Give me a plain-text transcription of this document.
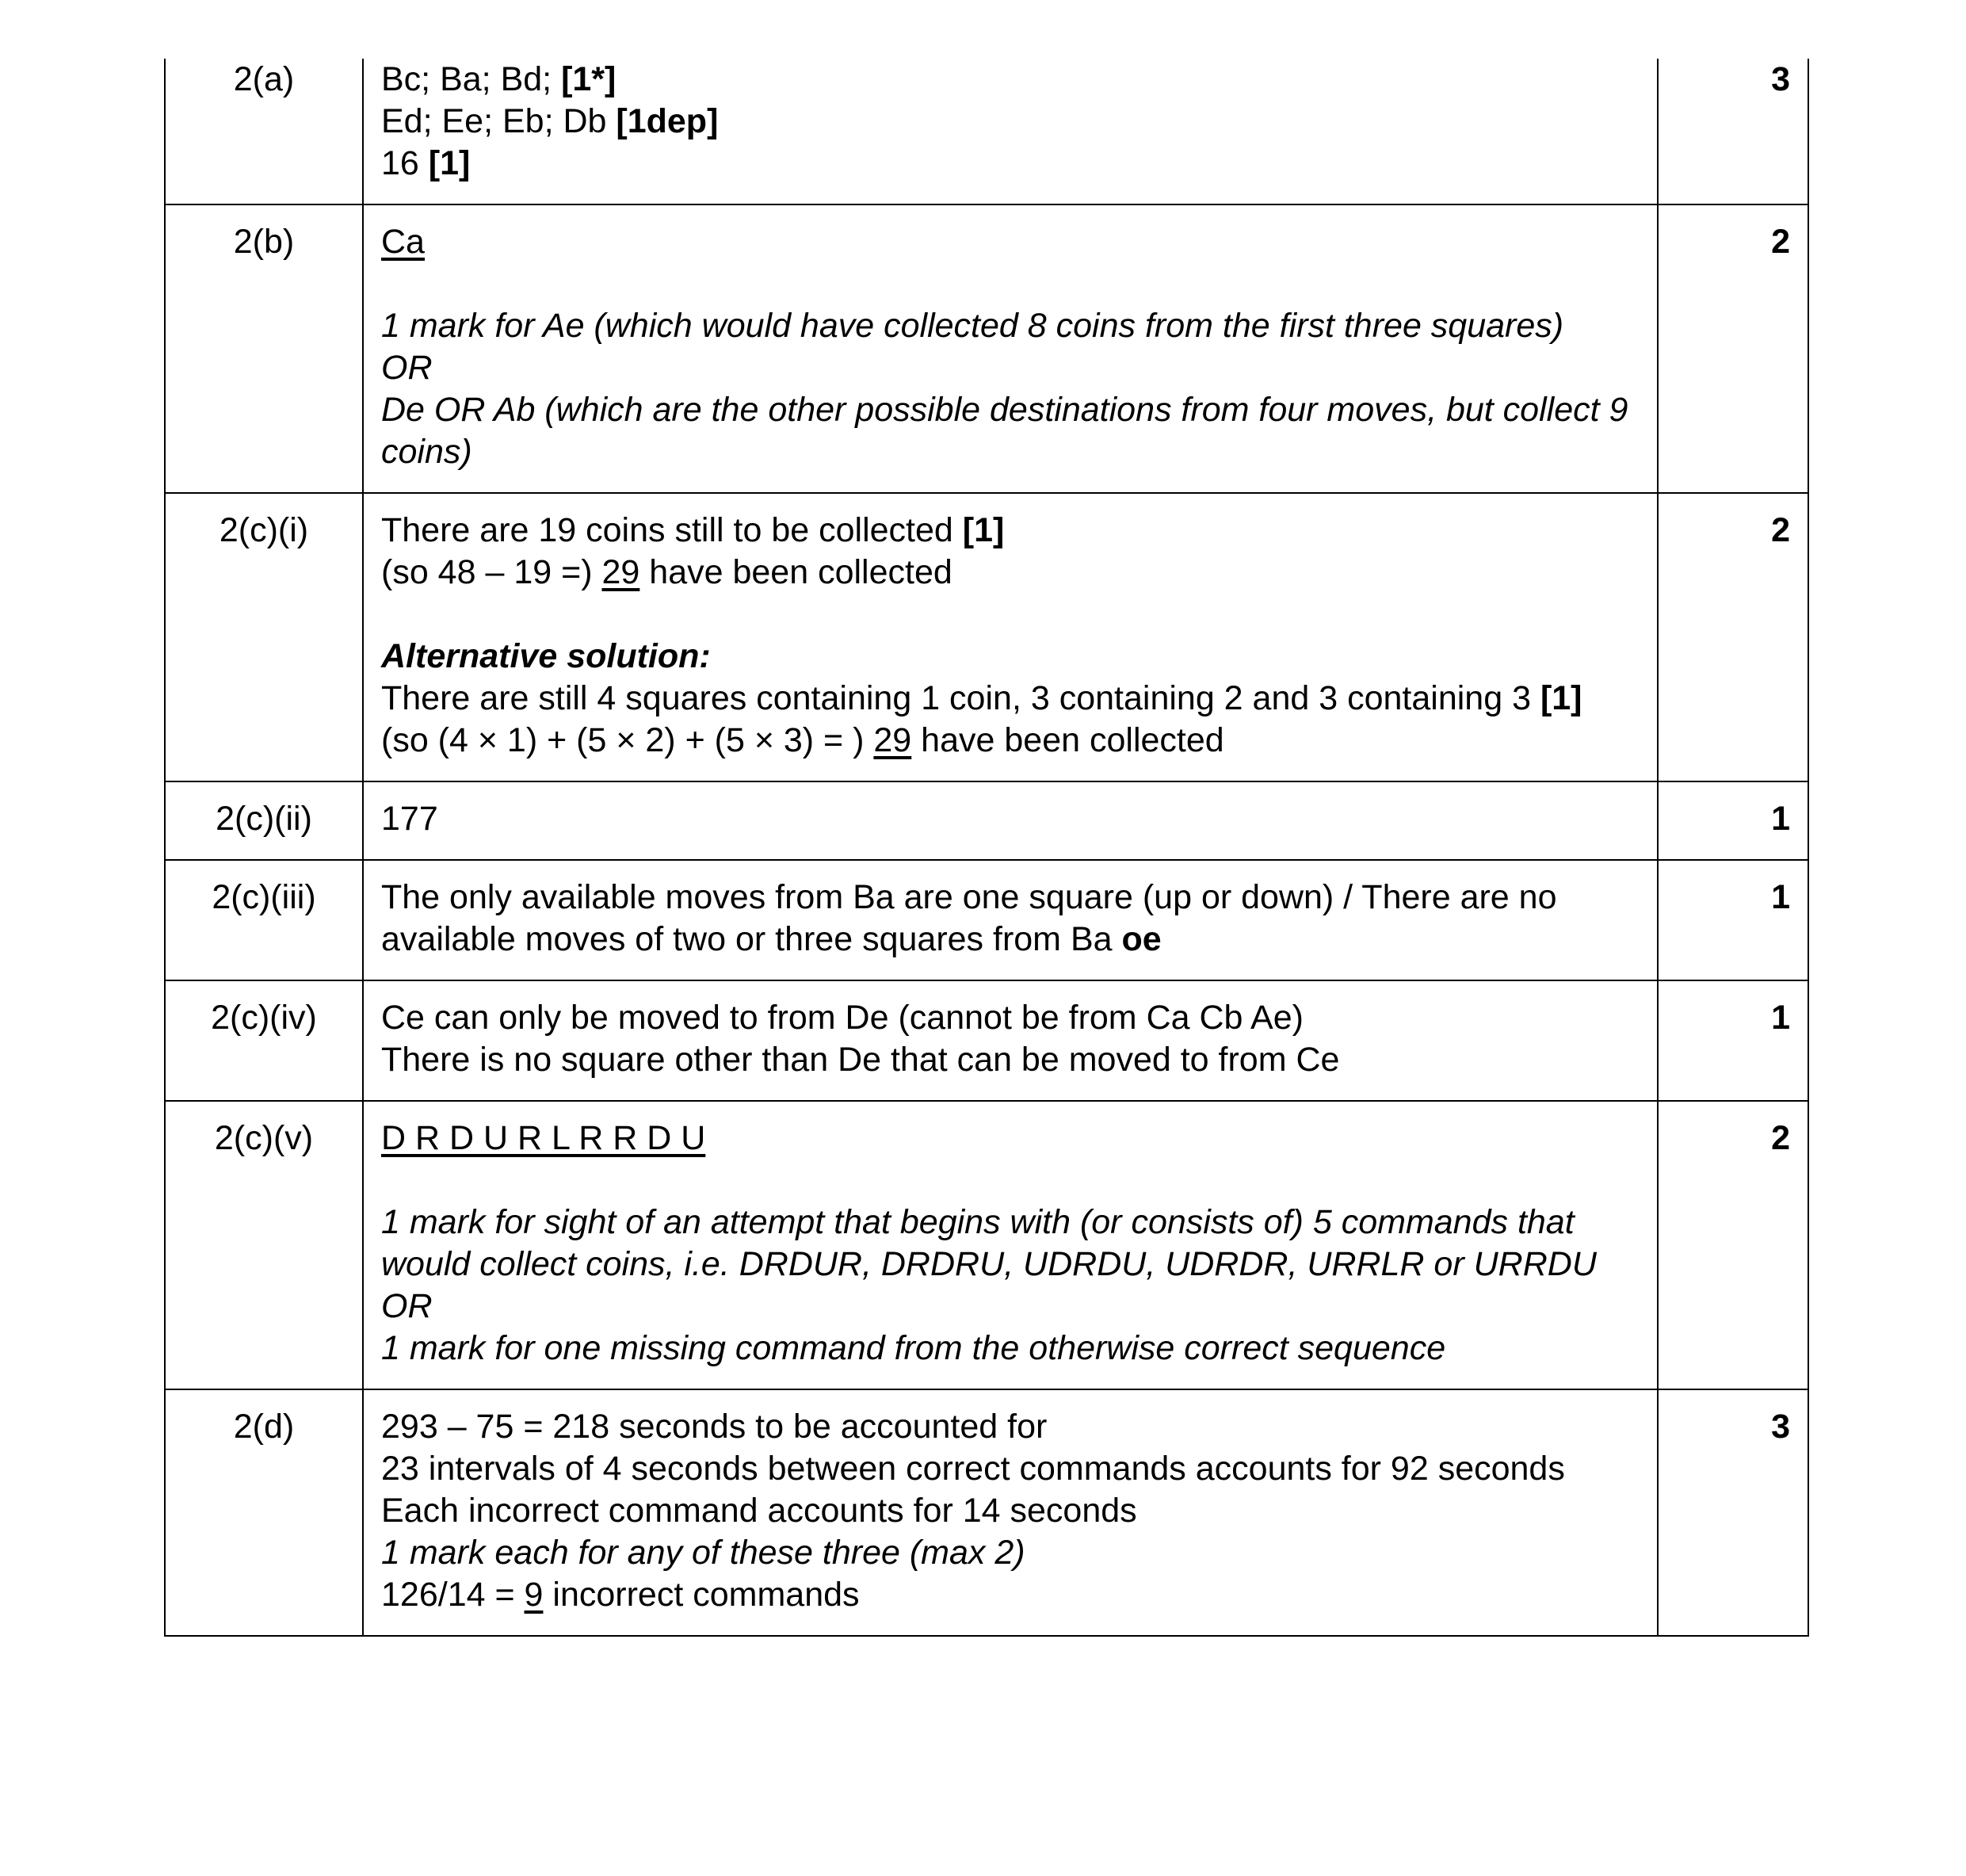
2(a)	Bc; Ba; Bd; [1*]
Ed; Ee; Eb; Db [1dep]
16 [1]	3
2(b)	Ca
1 mark for Ae (which would have collected 8 coins from the first three squares)
OR
De OR Ab (which are the other possible destinations from four moves, but collect 9 coins)	2
2(c)(i)	There are 19 coins still to be collected [1]
(so 48 – 19 =) 29 have been collected
Alternative solution:
There are still 4 squares containing 1 coin, 3 containing 2 and 3 containing 3 [1]
(so (4 × 1) + (5 × 2) + (5 × 3) = ) 29 have been collected	2
2(c)(ii)	177	1
2(c)(iii)	The only available moves from Ba are one square (up or down) / There are no available moves of two or three squares from Ba oe	1
2(c)(iv)	Ce can only be moved to from De (cannot be from Ca Cb Ae)
There is no square other than De that can be moved to from Ce	1
2(c)(v)	D R D U R L R R D U
1 mark for sight of an attempt that begins with (or consists of) 5 commands that would collect coins, i.e. DRDUR, DRDRU, UDRDU, UDRDR, URRLR or URRDU
OR
1 mark for one missing command from the otherwise correct sequence	2
2(d)	293 – 75 = 218 seconds to be accounted for
23 intervals of 4 seconds between correct commands accounts for 92 seconds
Each incorrect command accounts for 14 seconds
1 mark each for any of these three (max 2)
126/14 = 9 incorrect commands	3
